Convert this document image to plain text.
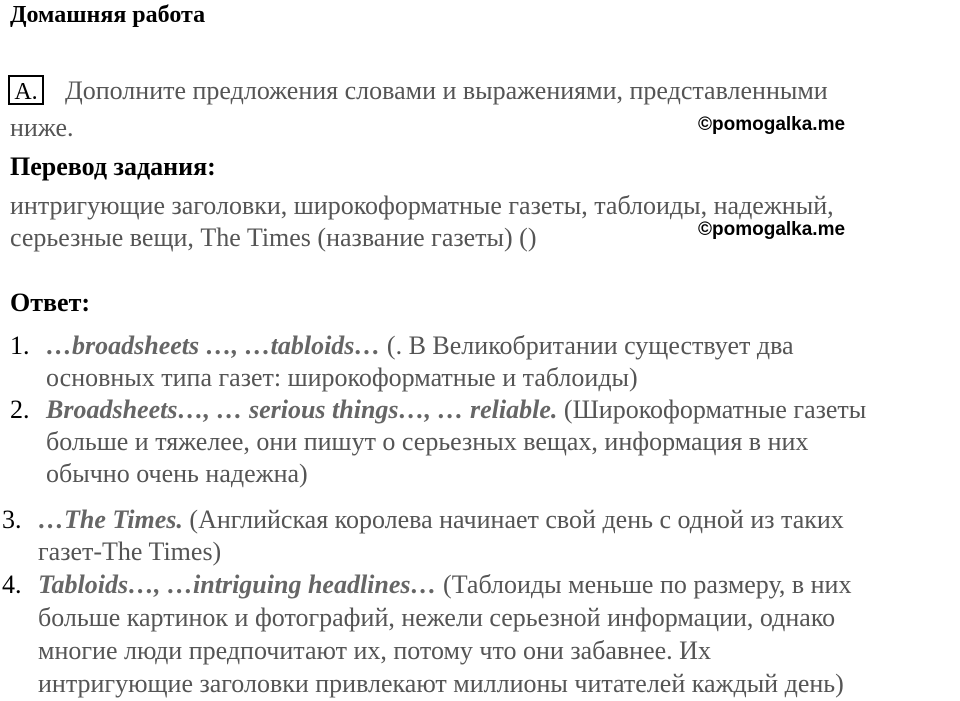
Домашняя работа
A. Дополните предложения словами и выражениями, представленными
ниже.	©pomogalka.me
Перевод задания:
интригующие заголовки, широкоформатные газеты, таблоиды, надежный,
серьезные вещи, The Times (название газеты) ()	©pomogalka.me
Ответ:
1. …broadsheets …, …tabloids… (. В Великобритании существует два
основных типа газет: широкоформатные и таблоиды)
2. Broadsheets…, … serious things…, … reliable. (Широкоформатные газеты
больше и тяжелее, они пишут о серьезных вещах, информация в них
обычно очень надежна)
3. …The Times. (Английская королева начинает свой день с одной из таких
газет-The Times)
4. Tabloids…, …intriguing headlines… (Таблоиды меньше по размеру, в них
больше картинок и фотографий, нежели серьезной информации, однако
многие люди предпочитают их, потому что они забавнее. Их
интригующие заголовки привлекают миллионы читателей каждый день)
